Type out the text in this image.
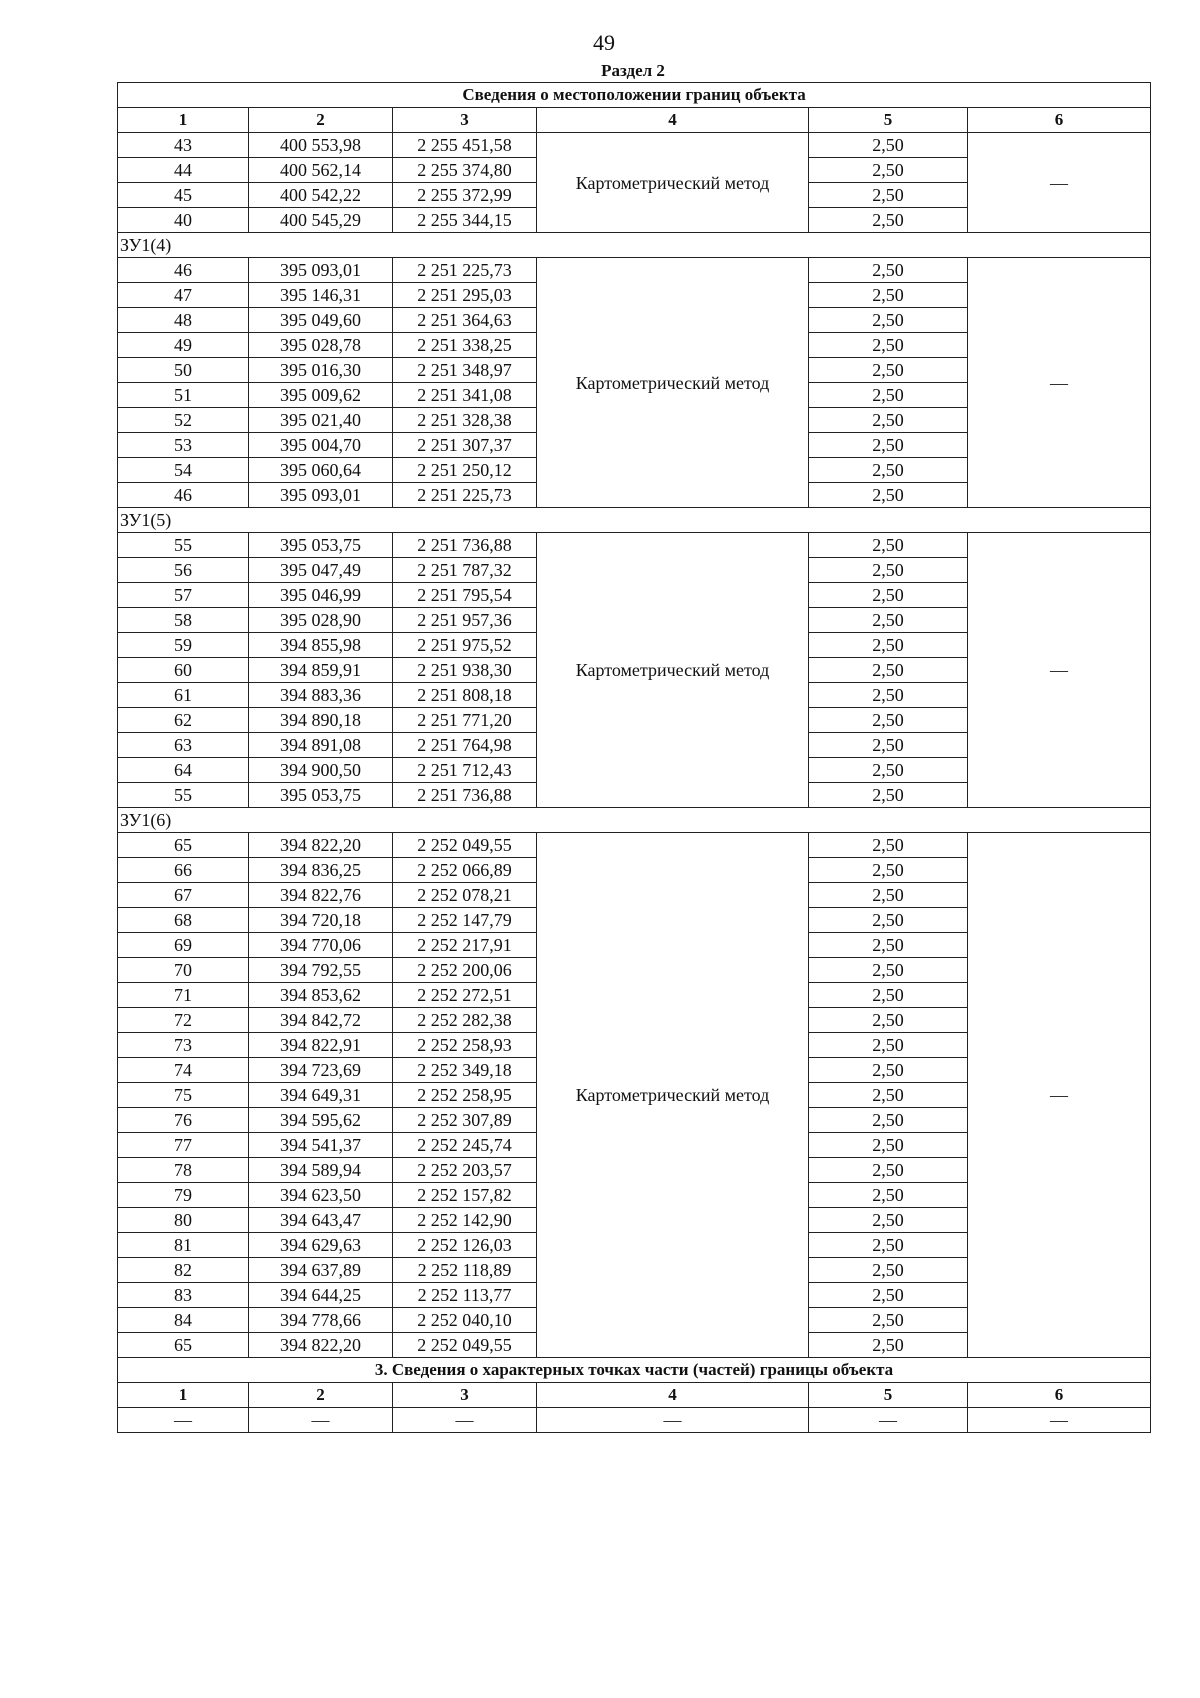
49
Раздел 2
Сведения о местоположении границ объекта					
1	2	3	4	5	6
43	400 553,98	2 255 451,58	Картометрический метод	2,50	—
44	400 562,14	2 255 374,80		2,50	
45	400 542,22	2 255 372,99		2,50	
40	400 545,29	2 255 344,15		2,50	
ЗУ1(4)					
46	395 093,01	2 251 225,73	Картометрический метод	2,50	—
47	395 146,31	2 251 295,03		2,50	
48	395 049,60	2 251 364,63		2,50	
49	395 028,78	2 251 338,25		2,50	
50	395 016,30	2 251 348,97		2,50	
51	395 009,62	2 251 341,08		2,50	
52	395 021,40	2 251 328,38		2,50	
53	395 004,70	2 251 307,37		2,50	
54	395 060,64	2 251 250,12		2,50	
46	395 093,01	2 251 225,73		2,50	
ЗУ1(5)					
55	395 053,75	2 251 736,88	Картометрический метод	2,50	—
56	395 047,49	2 251 787,32		2,50	
57	395 046,99	2 251 795,54		2,50	
58	395 028,90	2 251 957,36		2,50	
59	394 855,98	2 251 975,52		2,50	
60	394 859,91	2 251 938,30		2,50	
61	394 883,36	2 251 808,18		2,50	
62	394 890,18	2 251 771,20		2,50	
63	394 891,08	2 251 764,98		2,50	
64	394 900,50	2 251 712,43		2,50	
55	395 053,75	2 251 736,88		2,50	
ЗУ1(6)					
65	394 822,20	2 252 049,55	Картометрический метод	2,50	—
66	394 836,25	2 252 066,89		2,50	
67	394 822,76	2 252 078,21		2,50	
68	394 720,18	2 252 147,79		2,50	
69	394 770,06	2 252 217,91		2,50	
70	394 792,55	2 252 200,06		2,50	
71	394 853,62	2 252 272,51		2,50	
72	394 842,72	2 252 282,38		2,50	
73	394 822,91	2 252 258,93		2,50	
74	394 723,69	2 252 349,18		2,50	
75	394 649,31	2 252 258,95		2,50	
76	394 595,62	2 252 307,89		2,50	
77	394 541,37	2 252 245,74		2,50	
78	394 589,94	2 252 203,57		2,50	
79	394 623,50	2 252 157,82		2,50	
80	394 643,47	2 252 142,90		2,50	
81	394 629,63	2 252 126,03		2,50	
82	394 637,89	2 252 118,89		2,50	
83	394 644,25	2 252 113,77		2,50	
84	394 778,66	2 252 040,10		2,50	
65	394 822,20	2 252 049,55		2,50	
3. Сведения о характерных точках части (частей) границы объекта					
1	2	3	4	5	6
—	—	—	—	—	—
